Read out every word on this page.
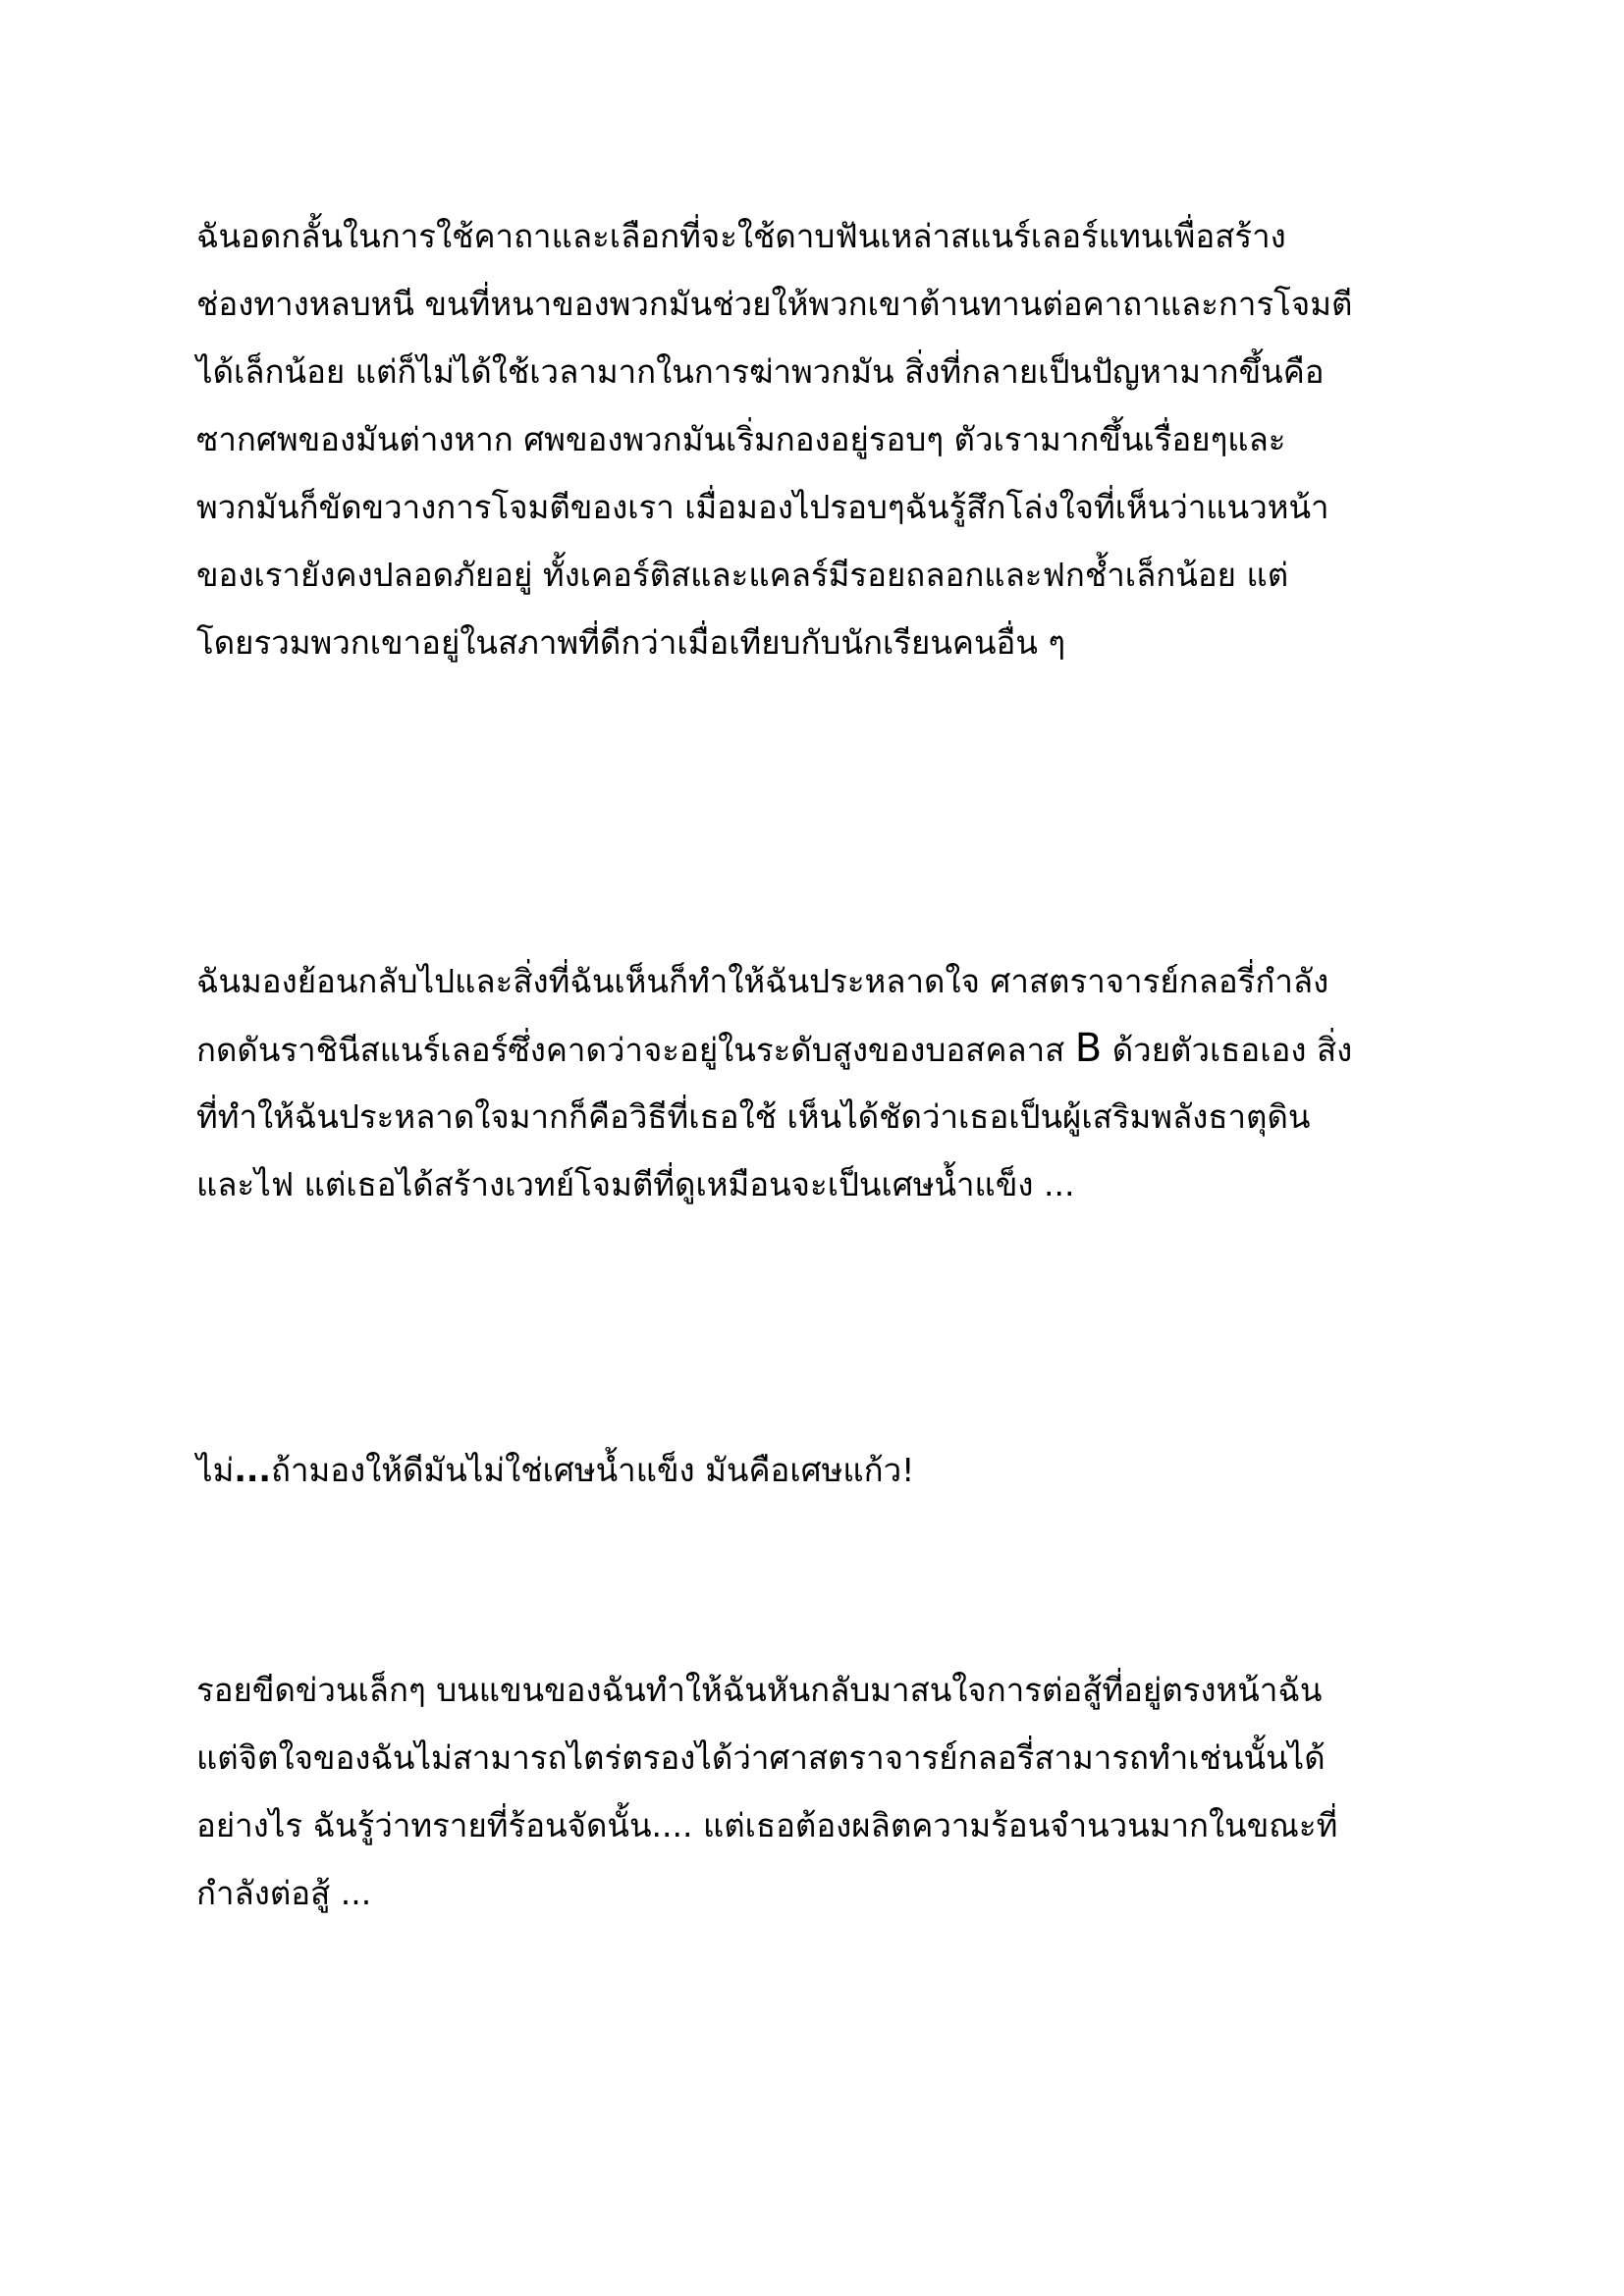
ฉันอดกลั้นในการใช้คาถาและเลือกที่จะใช้ดาบฟันเหล่าสแนร์เลอร์แทนเพื่อสร้าง
ช่องทางหลบหนี ขนที่หนาของพวกมันช่วยให้พวกเขาต้านทานต่อคาถาและการโจมตี
ได้เล็กน้อย แต่ก็ไม่ได้ใช้เวลามากในการฆ่าพวกมัน สิ่งที่กลายเป็นปัญหามากขึ้นคือ
ซากศพของมันต่างหาก ศพของพวกมันเริ่มกองอยู่รอบๆ ตัวเรามากขึ้นเรื่อยๆและ
พวกมันก็ขัดขวางการโจมตีของเรา เมื่อมองไปรอบๆฉันรู้สึกโล่งใจที่เห็นว่าแนวหน้า
ของเรายังคงปลอดภัยอยู่ ทั้งเคอร์ติสและแคลร์มีรอยถลอกและฟกช้ำเล็กน้อย แต่
โดยรวมพวกเขาอยู่ในสภาพที่ดีกว่าเมื่อเทียบกับนักเรียนคนอื่น ๆ
ฉันมองย้อนกลับไปและสิ่งที่ฉันเห็นก็ทำให้ฉันประหลาดใจ ศาสตราจารย์กลอรี่กำลัง
กดดันราชินีสแนร์เลอร์ซึ่งคาดว่าจะอยู่ในระดับสูงของบอสคลาส B ด้วยตัวเธอเอง สิ่ง
ที่ทำให้ฉันประหลาดใจมากก็คือวิธีที่เธอใช้ เห็นได้ชัดว่าเธอเป็นผู้เสริมพลังธาตุดิน
และไฟ แต่เธอได้สร้างเวทย์โจมตีที่ดูเหมือนจะเป็นเศษน้ำแข็ง ...
ไม่...ถ้ามองให้ดีมันไม่ใช่เศษน้ำแข็ง มันคือเศษแก้ว!
รอยขีดข่วนเล็กๆ บนแขนของฉันทำให้ฉันหันกลับมาสนใจการต่อสู้ที่อยู่ตรงหน้าฉัน
แต่จิตใจของฉันไม่สามารถไตร่ตรองได้ว่าศาสตราจารย์กลอรี่สามารถทำเช่นนั้นได้
อย่างไร ฉันรู้ว่าทรายที่ร้อนจัดนั้น.... แต่เธอต้องผลิตความร้อนจำนวนมากในขณะที่
กำลังต่อสู้ ...
